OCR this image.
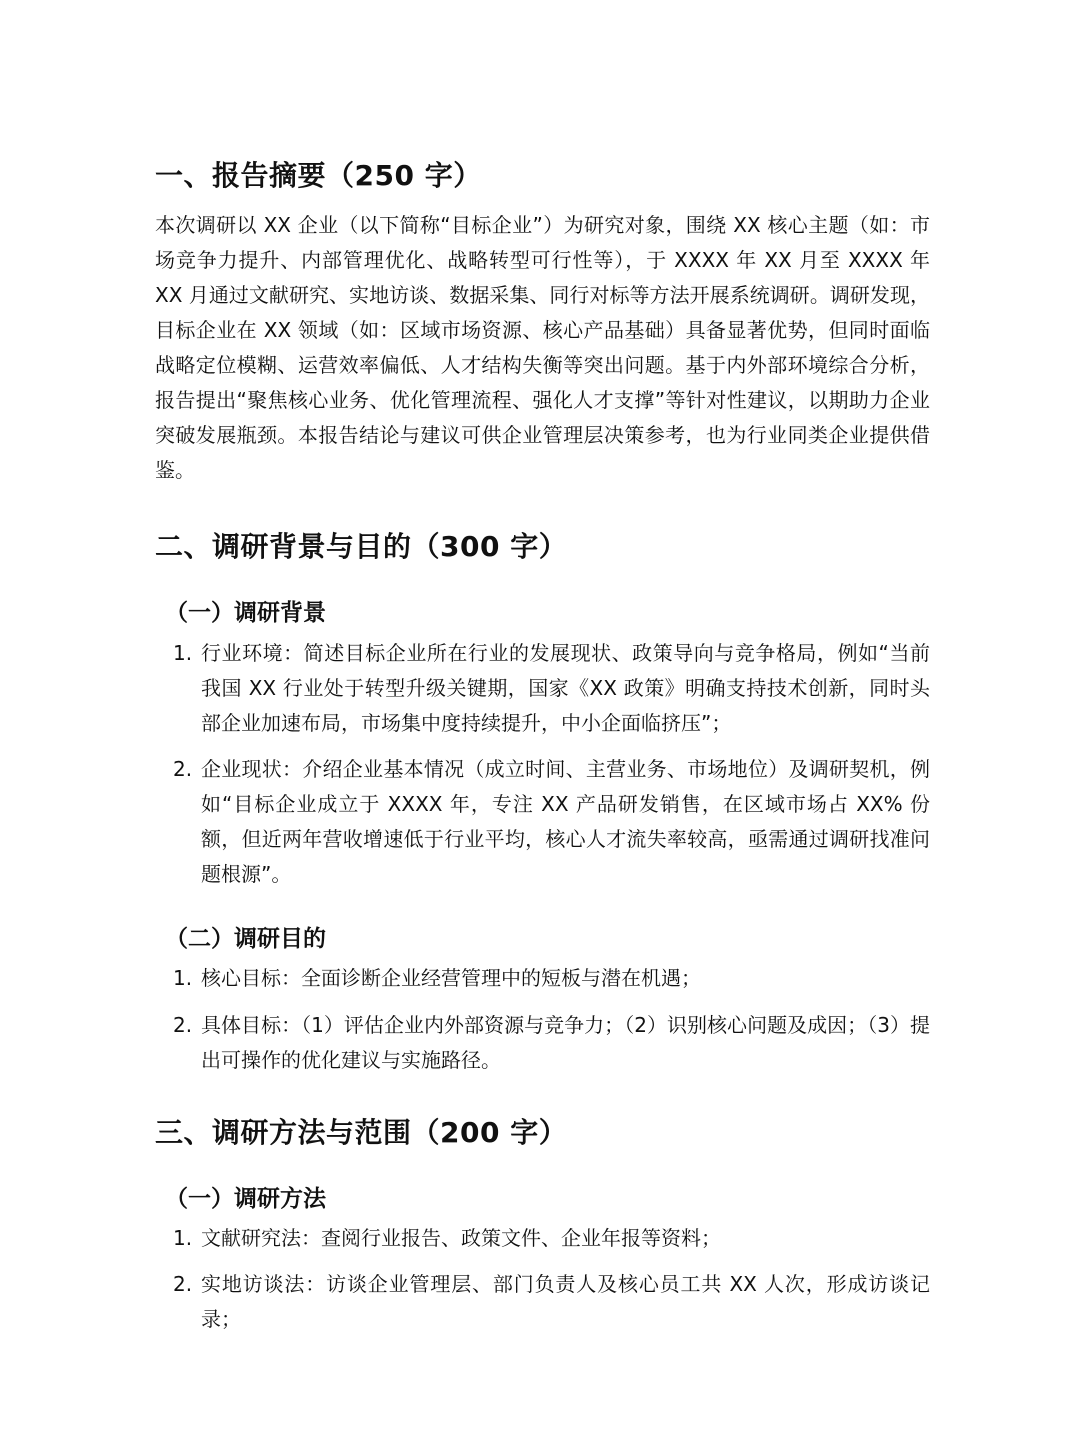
一、报告摘要（250 字）
本次调研以 XX 企业（以下简称“目标企业”）为研究对象，围绕 XX 核心主题（如：市场竞争力提升、内部管理优化、战略转型可行性等），于 XXXX 年 XX 月至 XXXX 年 XX 月通过文献研究、实地访谈、数据采集、同行对标等方法开展系统调研。调研发现，目标企业在 XX 领域（如：区域市场资源、核心产品基础）具备显著优势，但同时面临战略定位模糊、运营效率偏低、人才结构失衡等突出问题。基于内外部环境综合分析，报告提出“聚焦核心业务、优化管理流程、强化人才支撑”等针对性建议，以期助力企业突破发展瓶颈。本报告结论与建议可供企业管理层决策参考，也为行业同类企业提供借鉴。
二、调研背景与目的（300 字）
（一）调研背景
1. 行业环境：简述目标企业所在行业的发展现状、政策导向与竞争格局，例如“当前我国 XX 行业处于转型升级关键期，国家《XX 政策》明确支持技术创新，同时头部企业加速布局，市场集中度持续提升，中小企面临挤压”；
2. 企业现状：介绍企业基本情况（成立时间、主营业务、市场地位）及调研契机，例如“目标企业成立于 XXXX 年，专注 XX 产品研发销售，在区域市场占 XX% 份额，但近两年营收增速低于行业平均，核心人才流失率较高，亟需通过调研找准问题根源”。
（二）调研目的
1. 核心目标：全面诊断企业经营管理中的短板与潜在机遇；
2. 具体目标：（1）评估企业内外部资源与竞争力；（2）识别核心问题及成因；（3）提出可操作的优化建议与实施路径。
三、调研方法与范围（200 字）
（一）调研方法
1. 文献研究法：查阅行业报告、政策文件、企业年报等资料；
2. 实地访谈法：访谈企业管理层、部门负责人及核心员工共 XX 人次，形成访谈记录；
